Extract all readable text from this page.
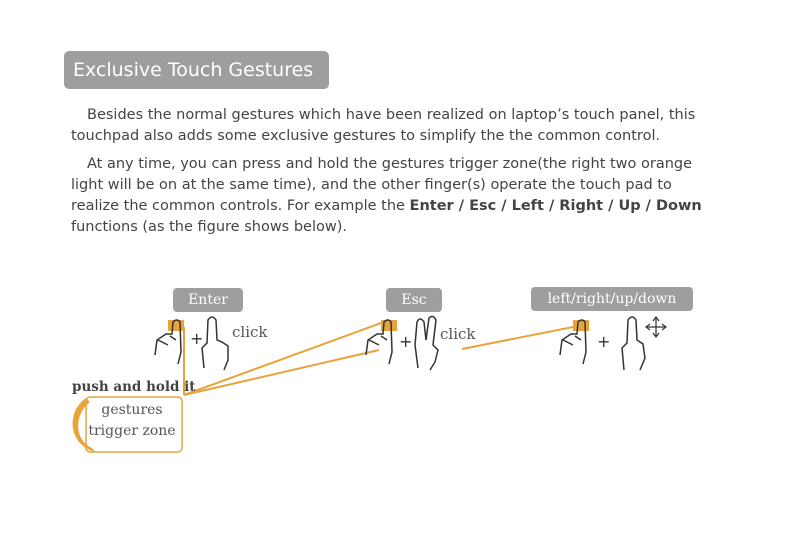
Exclusive Touch Gestures

Besides the normal gestures which have been realized on laptop’s touch panel, this touchpad also adds some exclusive gestures to simplify the the common control.

At any time, you can press and hold the gestures trigger zone(the right two orange light will be on at the same time), and the other finger(s) operate the touch pad to realize the common controls. For example the Enter / Esc / Left / Right / Up / Down functions (as the figure shows below).

+	+	+
Enter	Esc	left/right/up/down
click	click
push and hold it
gestures
trigger zone
